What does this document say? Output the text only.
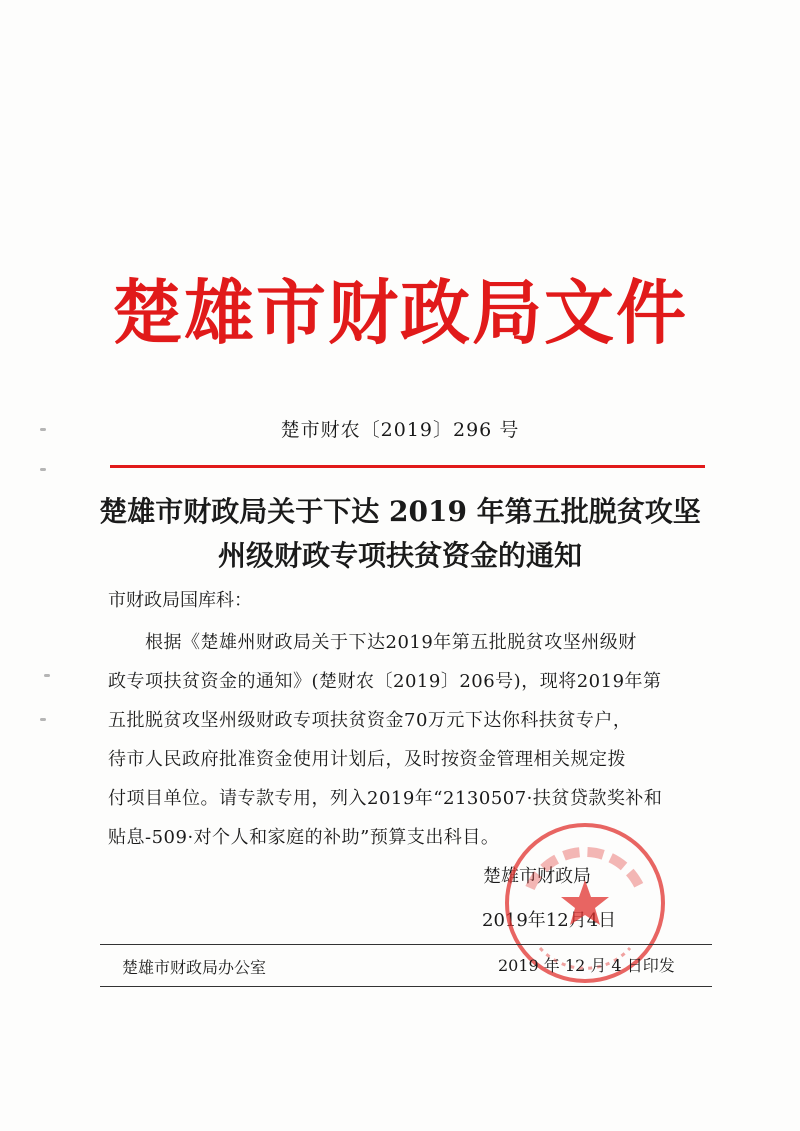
楚雄市财政局文件
楚市财农〔2019〕296 号
楚雄市财政局关于下达 2019 年第五批脱贫攻坚
州级财政专项扶贫资金的通知
市财政局国库科：
　　根据《楚雄州财政局关于下达2019年第五批脱贫攻坚州级财
政专项扶贫资金的通知》(楚财农〔2019〕206号)，现将2019年第
五批脱贫攻坚州级财政专项扶贫资金70万元下达你科扶贫专户，
待市人民政府批准资金使用计划后，及时按资金管理相关规定拨
付项目单位。请专款专用，列入2019年“2130507·扶贫贷款奖补和
贴息-509·对个人和家庭的补助”预算支出科目。
楚雄市财政局
2019年12月4日
楚雄市财政局办公室	2019 年 12 月 4 日印发
